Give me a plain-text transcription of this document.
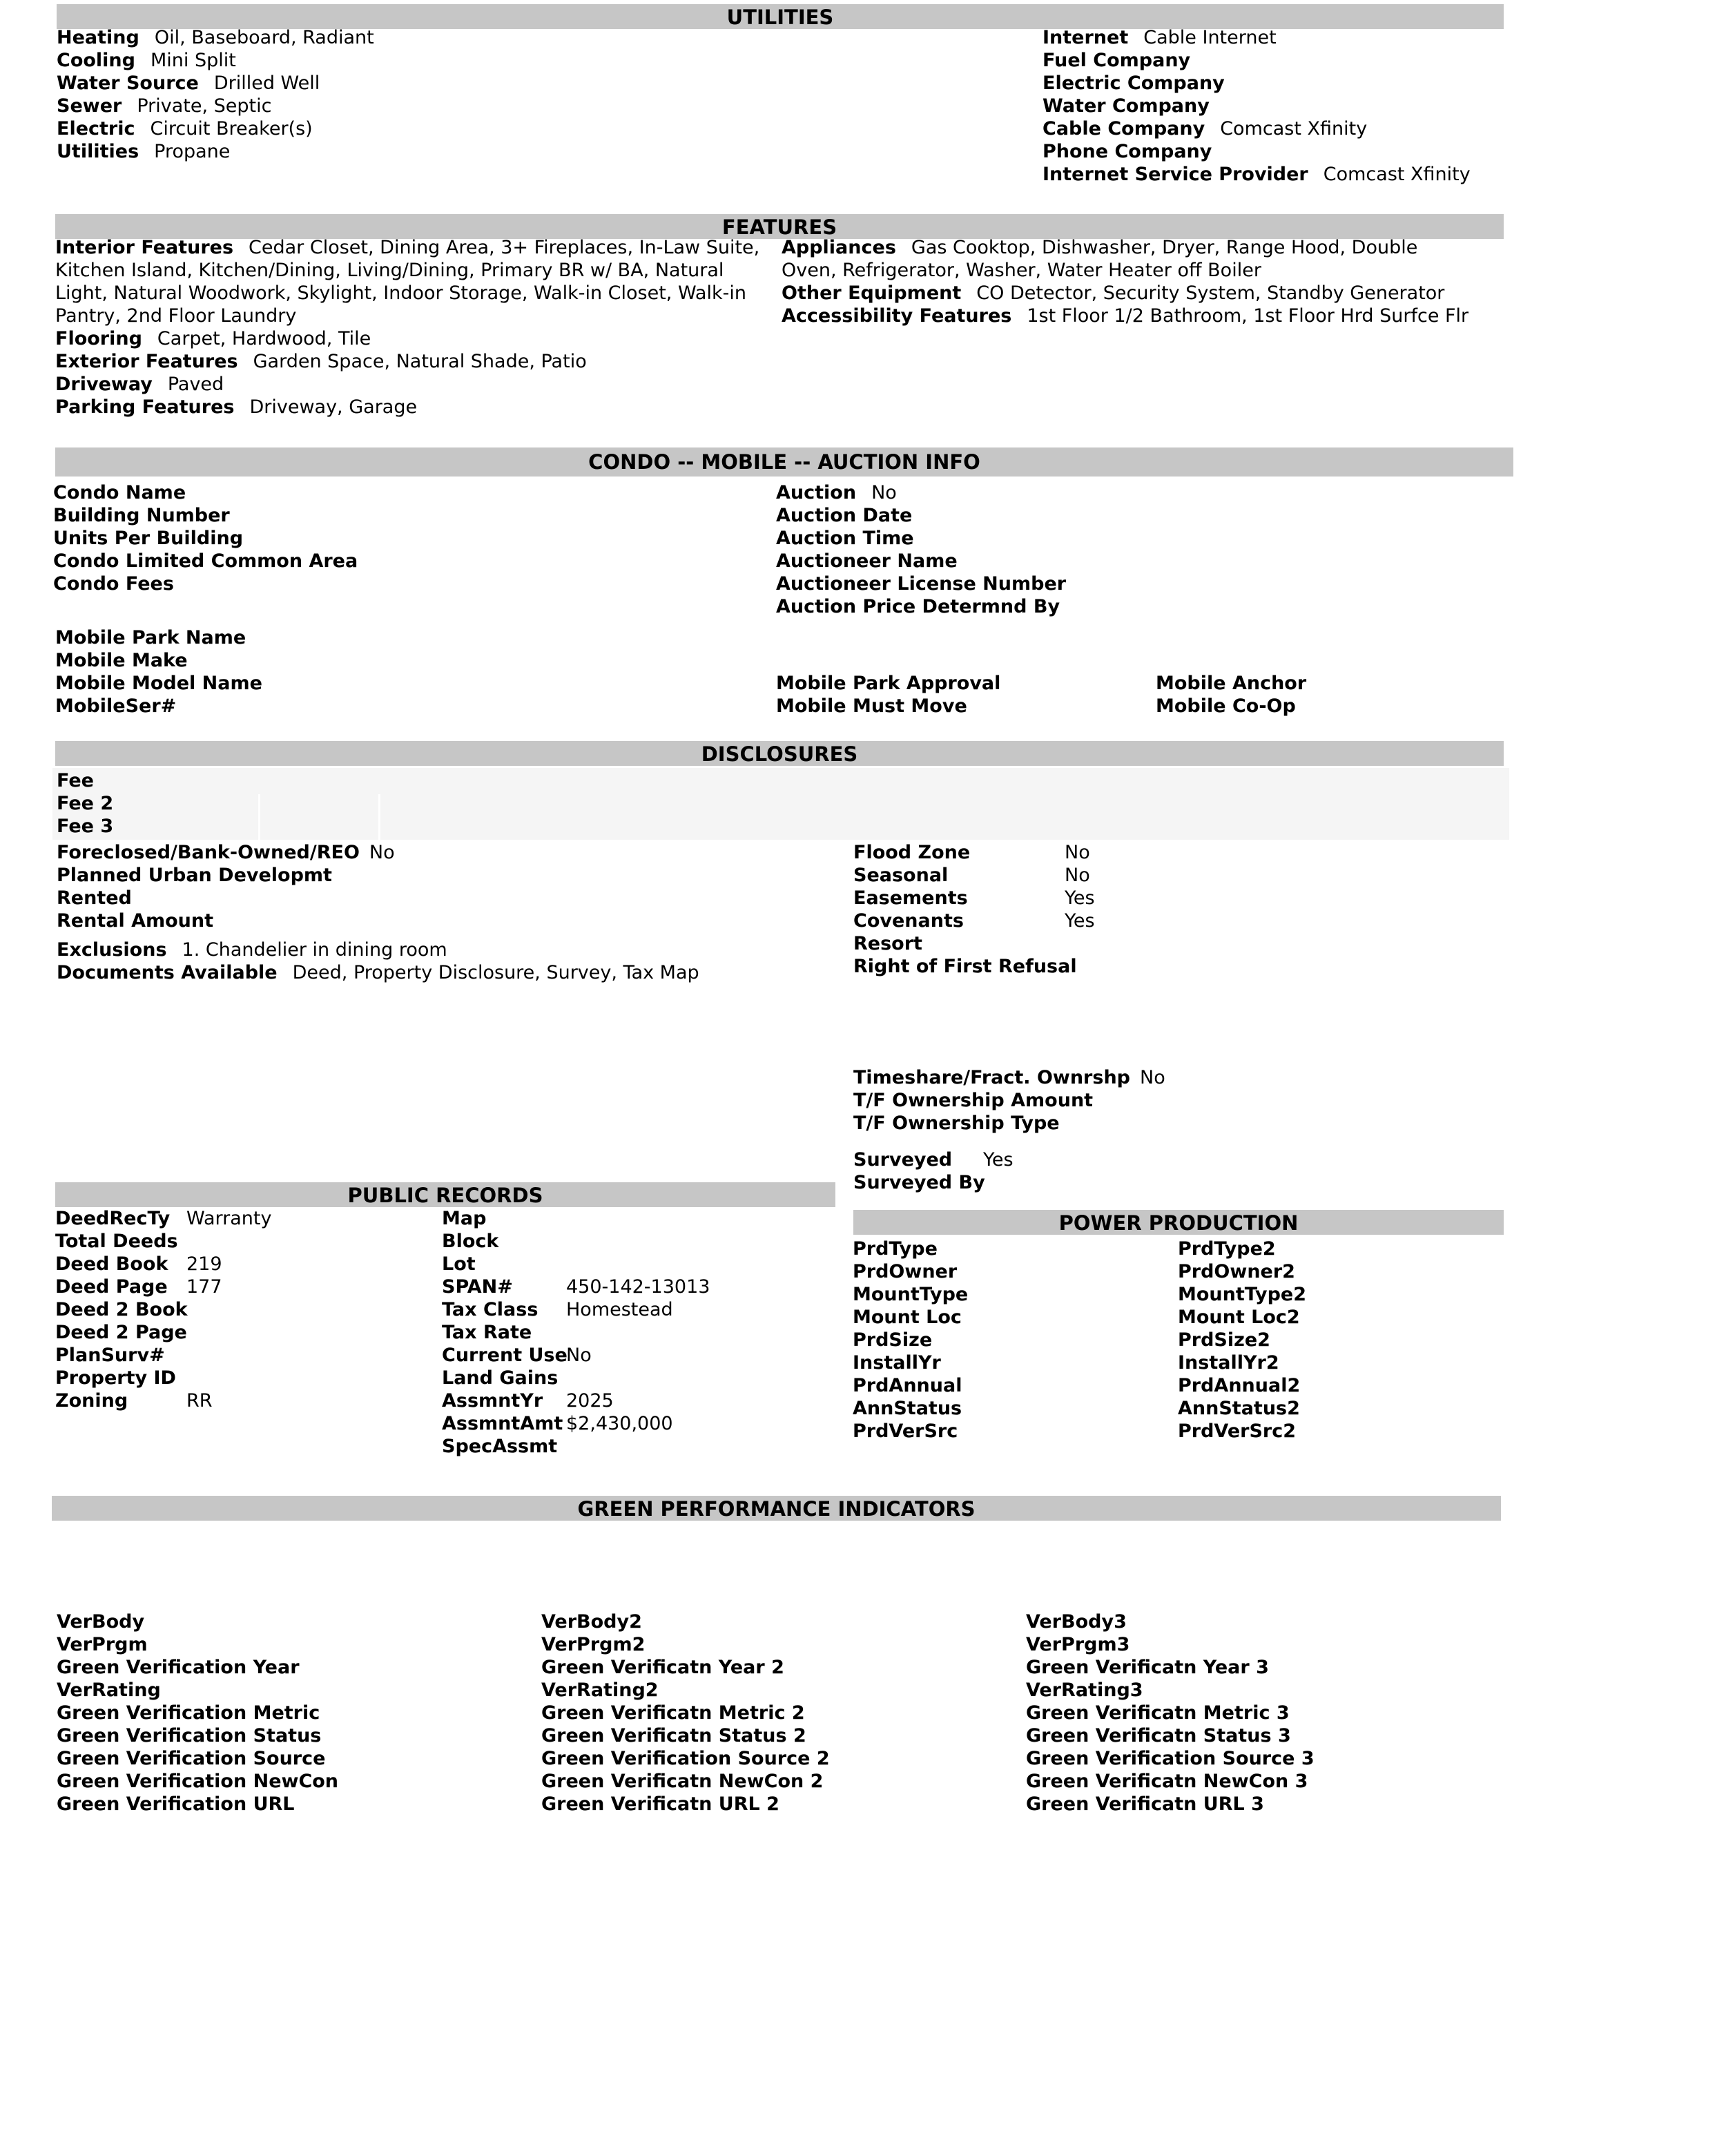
UTILITIES
Heating Oil, Baseboard, Radiant
Cooling Mini Split
Water Source Drilled Well
Sewer Private, Septic
Electric Circuit Breaker(s)
Utilities Propane
Internet Cable Internet
Fuel Company
Electric Company
Water Company
Cable Company Comcast Xfinity
Phone Company
Internet Service Provider Comcast Xfinity
FEATURES
Interior Features Cedar Closet, Dining Area, 3+ Fireplaces, In-Law Suite, Kitchen Island, Kitchen/Dining, Living/Dining, Primary BR w/ BA, Natural Light, Natural Woodwork, Skylight, Indoor Storage, Walk-in Closet, Walk-in Pantry, 2nd Floor Laundry
Flooring Carpet, Hardwood, Tile
Exterior Features Garden Space, Natural Shade, Patio
Driveway Paved
Parking Features Driveway, Garage
Appliances Gas Cooktop, Dishwasher, Dryer, Range Hood, Double Oven, Refrigerator, Washer, Water Heater off Boiler
Other Equipment CO Detector, Security System, Standby Generator
Accessibility Features 1st Floor 1/2 Bathroom, 1st Floor Hrd Surfce Flr
CONDO -- MOBILE -- AUCTION INFO
Condo Name
Building Number
Units Per Building
Condo Limited Common Area
Condo Fees
Auction No
Auction Date
Auction Time
Auctioneer Name
Auctioneer License Number
Auction Price Determnd By
Mobile Park Name
Mobile Make
Mobile Model Name
MobileSer#
Mobile Park Approval
Mobile Must Move
Mobile Anchor
Mobile Co-Op
DISCLOSURES
Fee
Fee 2
Fee 3
Foreclosed/Bank-Owned/REO No
Planned Urban Developmt
Rented
Rental Amount
Exclusions 1. Chandelier in dining room
Documents Available Deed, Property Disclosure, Survey, Tax Map
Flood Zone	No
Seasonal	No
Easements	Yes
Covenants	Yes
Resort
Right of First Refusal
Timeshare/Fract. Ownrshp No
T/F Ownership Amount
T/F Ownership Type
Surveyed Yes
Surveyed By
PUBLIC RECORDS
DeedRecTy Warranty
Total Deeds
Deed Book 219
Deed Page 177
Deed 2 Book
Deed 2 Page
PlanSurv#
Property ID
Zoning	RR
Map
Block
Lot
SPAN#	450-142-13013
Tax Class Homestead
Tax Rate
Current UseNo
Land Gains
AssmntYr 2025
AssmntAmt $2,430,000
SpecAssmt
POWER PRODUCTION
PrdType
PrdOwner
MountType
Mount Loc
PrdSize
InstallYr
PrdAnnual
AnnStatus
PrdVerSrc
PrdType2
PrdOwner2
MountType2
Mount Loc2
PrdSize2
InstallYr2
PrdAnnual2
AnnStatus2
PrdVerSrc2
GREEN PERFORMANCE INDICATORS
VerBody
VerPrgm
Green Verification Year
VerRating
Green Verification Metric
Green Verification Status
Green Verification Source
Green Verification NewCon
Green Verification URL
VerBody2
VerPrgm2
Green Verificatn Year 2
VerRating2
Green Verificatn Metric 2
Green Verificatn Status 2
Green Verification Source 2
Green Verificatn NewCon 2
Green Verificatn URL 2
VerBody3
VerPrgm3
Green Verificatn Year 3
VerRating3
Green Verificatn Metric 3
Green Verificatn Status 3
Green Verification Source 3
Green Verificatn NewCon 3
Green Verificatn URL 3
